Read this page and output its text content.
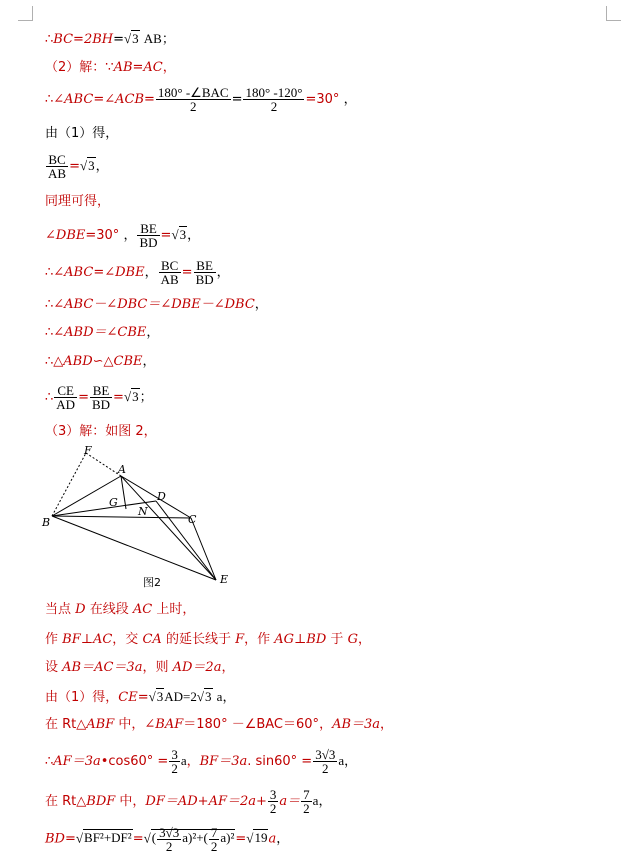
∴BC=2BH=√3 AB；
（2）解：∵AB=AC，
∴∠ABC=∠ACB= $\frac{\text{180° -∠BAC}}{2} = \frac{180^\circ -120^\circ}{2} =30^\circ$ ，
由（1）得，
$\frac{BC}{AB} =√3$，
同理可得，
∠DBE=30° ， $\frac{BE}{BD} =√3$，
∴∠ABC=∠DBE， $\frac{BC}{AB} = \frac{BE}{BD}$ ，
∴∠ABC－∠DBC＝∠DBE－∠DBC，
∴∠ABD＝∠CBE，
∴△ABD∽△CBE，
∴ $\frac{CE}{AD} = \frac{BE}{BD} =√3$；
（3）解：如图 2，
F
A
G
N
D
B	C
E
图2
当点 D 在线段 AC 上时，
作 BF⊥AC，交 CA 的延长线于 F，作 AG⊥BD 于 G，
设 AB＝AC＝3a，则 AD＝2a，
由（1）得，CE=√3AD=2√3 a，
在 Rt△ABF 中，∠BAF＝180° －∠BAC＝60°，AB＝3a，
∴AF＝3a•cos60° = $\frac{3}{2}$ a，BF＝3a. $\sin 60^\circ = \frac{3√3}{2}$ a，
在 Rt△BDF 中，$DF=AD+AF=2a+ \frac{3}{2} a= \frac{7}{2}$ a，
$BD=√BF^2+DF^2=√( \frac{3√3}{2} a)^2+( \frac{7}{2} a)^2=√19a$，
